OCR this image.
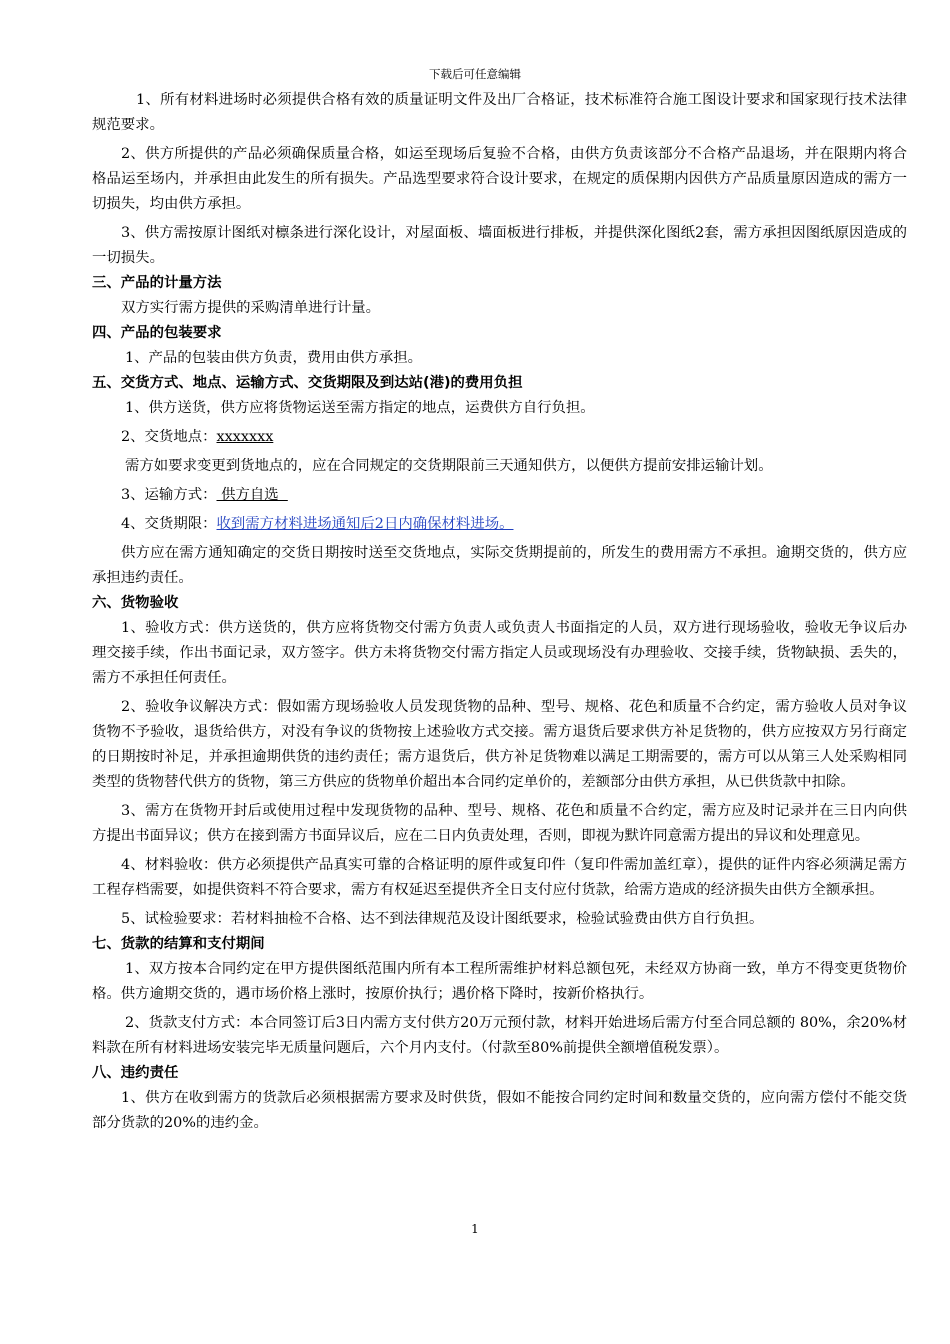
下载后可任意编辑

1、所有材料进场时必须提供合格有效的质量证明文件及出厂合格证，技术标准符合施工图设计要求和国家现行技术法律规范要求。

2、供方所提供的产品必须确保质量合格，如运至现场后复验不合格，由供方负责该部分不合格产品退场，并在限期内将合格品运至场内，并承担由此发生的所有损失。产品选型要求符合设计要求，在规定的质保期内因供方产品质量原因造成的需方一切损失，均由供方承担。

3、供方需按原计图纸对檩条进行深化设计，对屋面板、墙面板进行排板，并提供深化图纸2套，需方承担因图纸原因造成的一切损失。

三、产品的计量方法

双方实行需方提供的采购清单进行计量。

四、产品的包装要求

1、产品的包装由供方负责，费用由供方承担。

五、交货方式、地点、运输方式、交货期限及到达站(港)的费用负担

1、供方送货，供方应将货物运送至需方指定的地点，运费供方自行负担。

2、交货地点：xxxxxxx

需方如要求变更到货地点的，应在合同规定的交货期限前三天通知供方，以便供方提前安排运输计划。

3、运输方式： 供方自选

4、交货期限：收到需方材料进场通知后2日内确保材料进场。

供方应在需方通知确定的交货日期按时送至交货地点，实际交货期提前的，所发生的费用需方不承担。逾期交货的，供方应承担违约责任。

六、货物验收

1、验收方式：供方送货的，供方应将货物交付需方负责人或负责人书面指定的人员，双方进行现场验收，验收无争议后办理交接手续，作出书面记录，双方签字。供方未将货物交付需方指定人员或现场没有办理验收、交接手续，货物缺损、丢失的，需方不承担任何责任。

2、验收争议解决方式：假如需方现场验收人员发现货物的品种、型号、规格、花色和质量不合约定，需方验收人员对争议货物不予验收，退货给供方，对没有争议的货物按上述验收方式交接。需方退货后要求供方补足货物的，供方应按双方另行商定的日期按时补足，并承担逾期供货的违约责任；需方退货后，供方补足货物难以满足工期需要的，需方可以从第三人处采购相同类型的货物替代供方的货物，第三方供应的货物单价超出本合同约定单价的，差额部分由供方承担，从已供货款中扣除。

3、需方在货物开封后或使用过程中发现货物的品种、型号、规格、花色和质量不合约定，需方应及时记录并在三日内向供方提出书面异议；供方在接到需方书面异议后，应在二日内负责处理，否则，即视为默许同意需方提出的异议和处理意见。

4、材料验收：供方必须提供产品真实可靠的合格证明的原件或复印件（复印件需加盖红章），提供的证件内容必须满足需方工程存档需要，如提供资料不符合要求，需方有权延迟至提供齐全日支付应付货款，给需方造成的经济损失由供方全额承担。

5、试检验要求：若材料抽检不合格、达不到法律规范及设计图纸要求，检验试验费由供方自行负担。

七、货款的结算和支付期间

1、双方按本合同约定在甲方提供图纸范围内所有本工程所需维护材料总额包死，未经双方协商一致，单方不得变更货物价格。供方逾期交货的，遇市场价格上涨时，按原价执行；遇价格下降时，按新价格执行。

2、货款支付方式：本合同签订后3日内需方支付供方20万元预付款，材料开始进场后需方付至合同总额的 80%，余20%材料款在所有材料进场安装完毕无质量问题后，六个月内支付。（付款至80%前提供全额增值税发票）。

八、违约责任

1、供方在收到需方的货款后必须根据需方要求及时供货，假如不能按合同约定时间和数量交货的，应向需方偿付不能交货部分货款的20%的违约金。

1
